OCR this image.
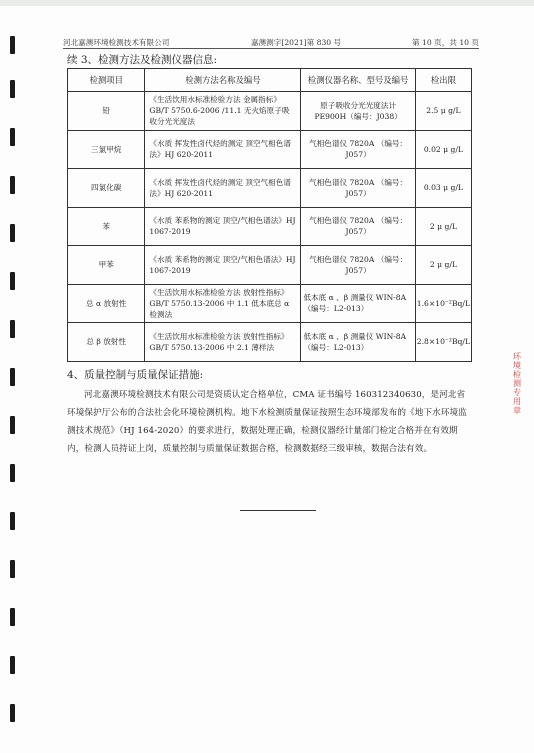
河北嘉澳环境检测技术有限公司	嘉澳测字[2021]第 830 号	第 10 页，共 10 页
续 3、检测方法及检测仪器信息:
检测项目	检测方法名称及编号	检测仪器名称、型号及编号	检出限
铅	《生活饮用水标准检验方法 金属指标》 GB/T 5750.6-2006 /11.1 无火焰原子吸收分光光度法	原子吸收分光光度法计 PE900H（编号：J038）	2.5 μ g/L
三氯甲烷	《水质 挥发性卤代烃的测定 顶空气相色谱法》HJ 620-2011	气相色谱仪 7820A （编号：J057）	0.02 μ g/L
四氯化碳	《水质 挥发性卤代烃的测定 顶空气相色谱法》HJ 620-2011	气相色谱仪 7820A （编号：J057）	0.03 μ g/L
苯	《水质 苯系物的测定 顶空/气相色谱法》HJ 1067-2019	气相色谱仪 7820A （编号：J057）	2 μ g/L
甲苯	《水质 苯系物的测定 顶空/气相色谱法》HJ 1067-2019	气相色谱仪 7820A （编号：J057）	2 μ g/L
总 α 放射性	《生活饮用水标准检验方法 放射性指标》GB/T 5750.13-2006 中 1.1 低本底总 α 检测法	低本底 α 、β 测量仪 WIN-8A （编号：L2-013）	1.6×10⁻²Bq/L
总 β 放射性	《生活饮用水标准检验方法 放射性指标》GB/T 5750.13-2006 中 2.1 薄样法	低本底 α 、β 测量仪 WIN-8A （编号：L2-013）	2.8×10⁻²Bq/L
4、质量控制与质量保证措施:
河北嘉澳环境检测技术有限公司是资质认定合格单位，CMA 证书编号 160312340630，是河北省环境保护厅公布的合法社会化环境检测机构。地下水检测质量保证按照生态环境部发布的《地下水环境监测技术规范》（HJ 164-2020）的要求进行，数据处理正确，检测仪器经计量部门检定合格并在有效期内，检测人员持证上岗，质量控制与质量保证数据合格，检测数据经三级审核，数据合法有效。
环
境
检
测
专
用
章
